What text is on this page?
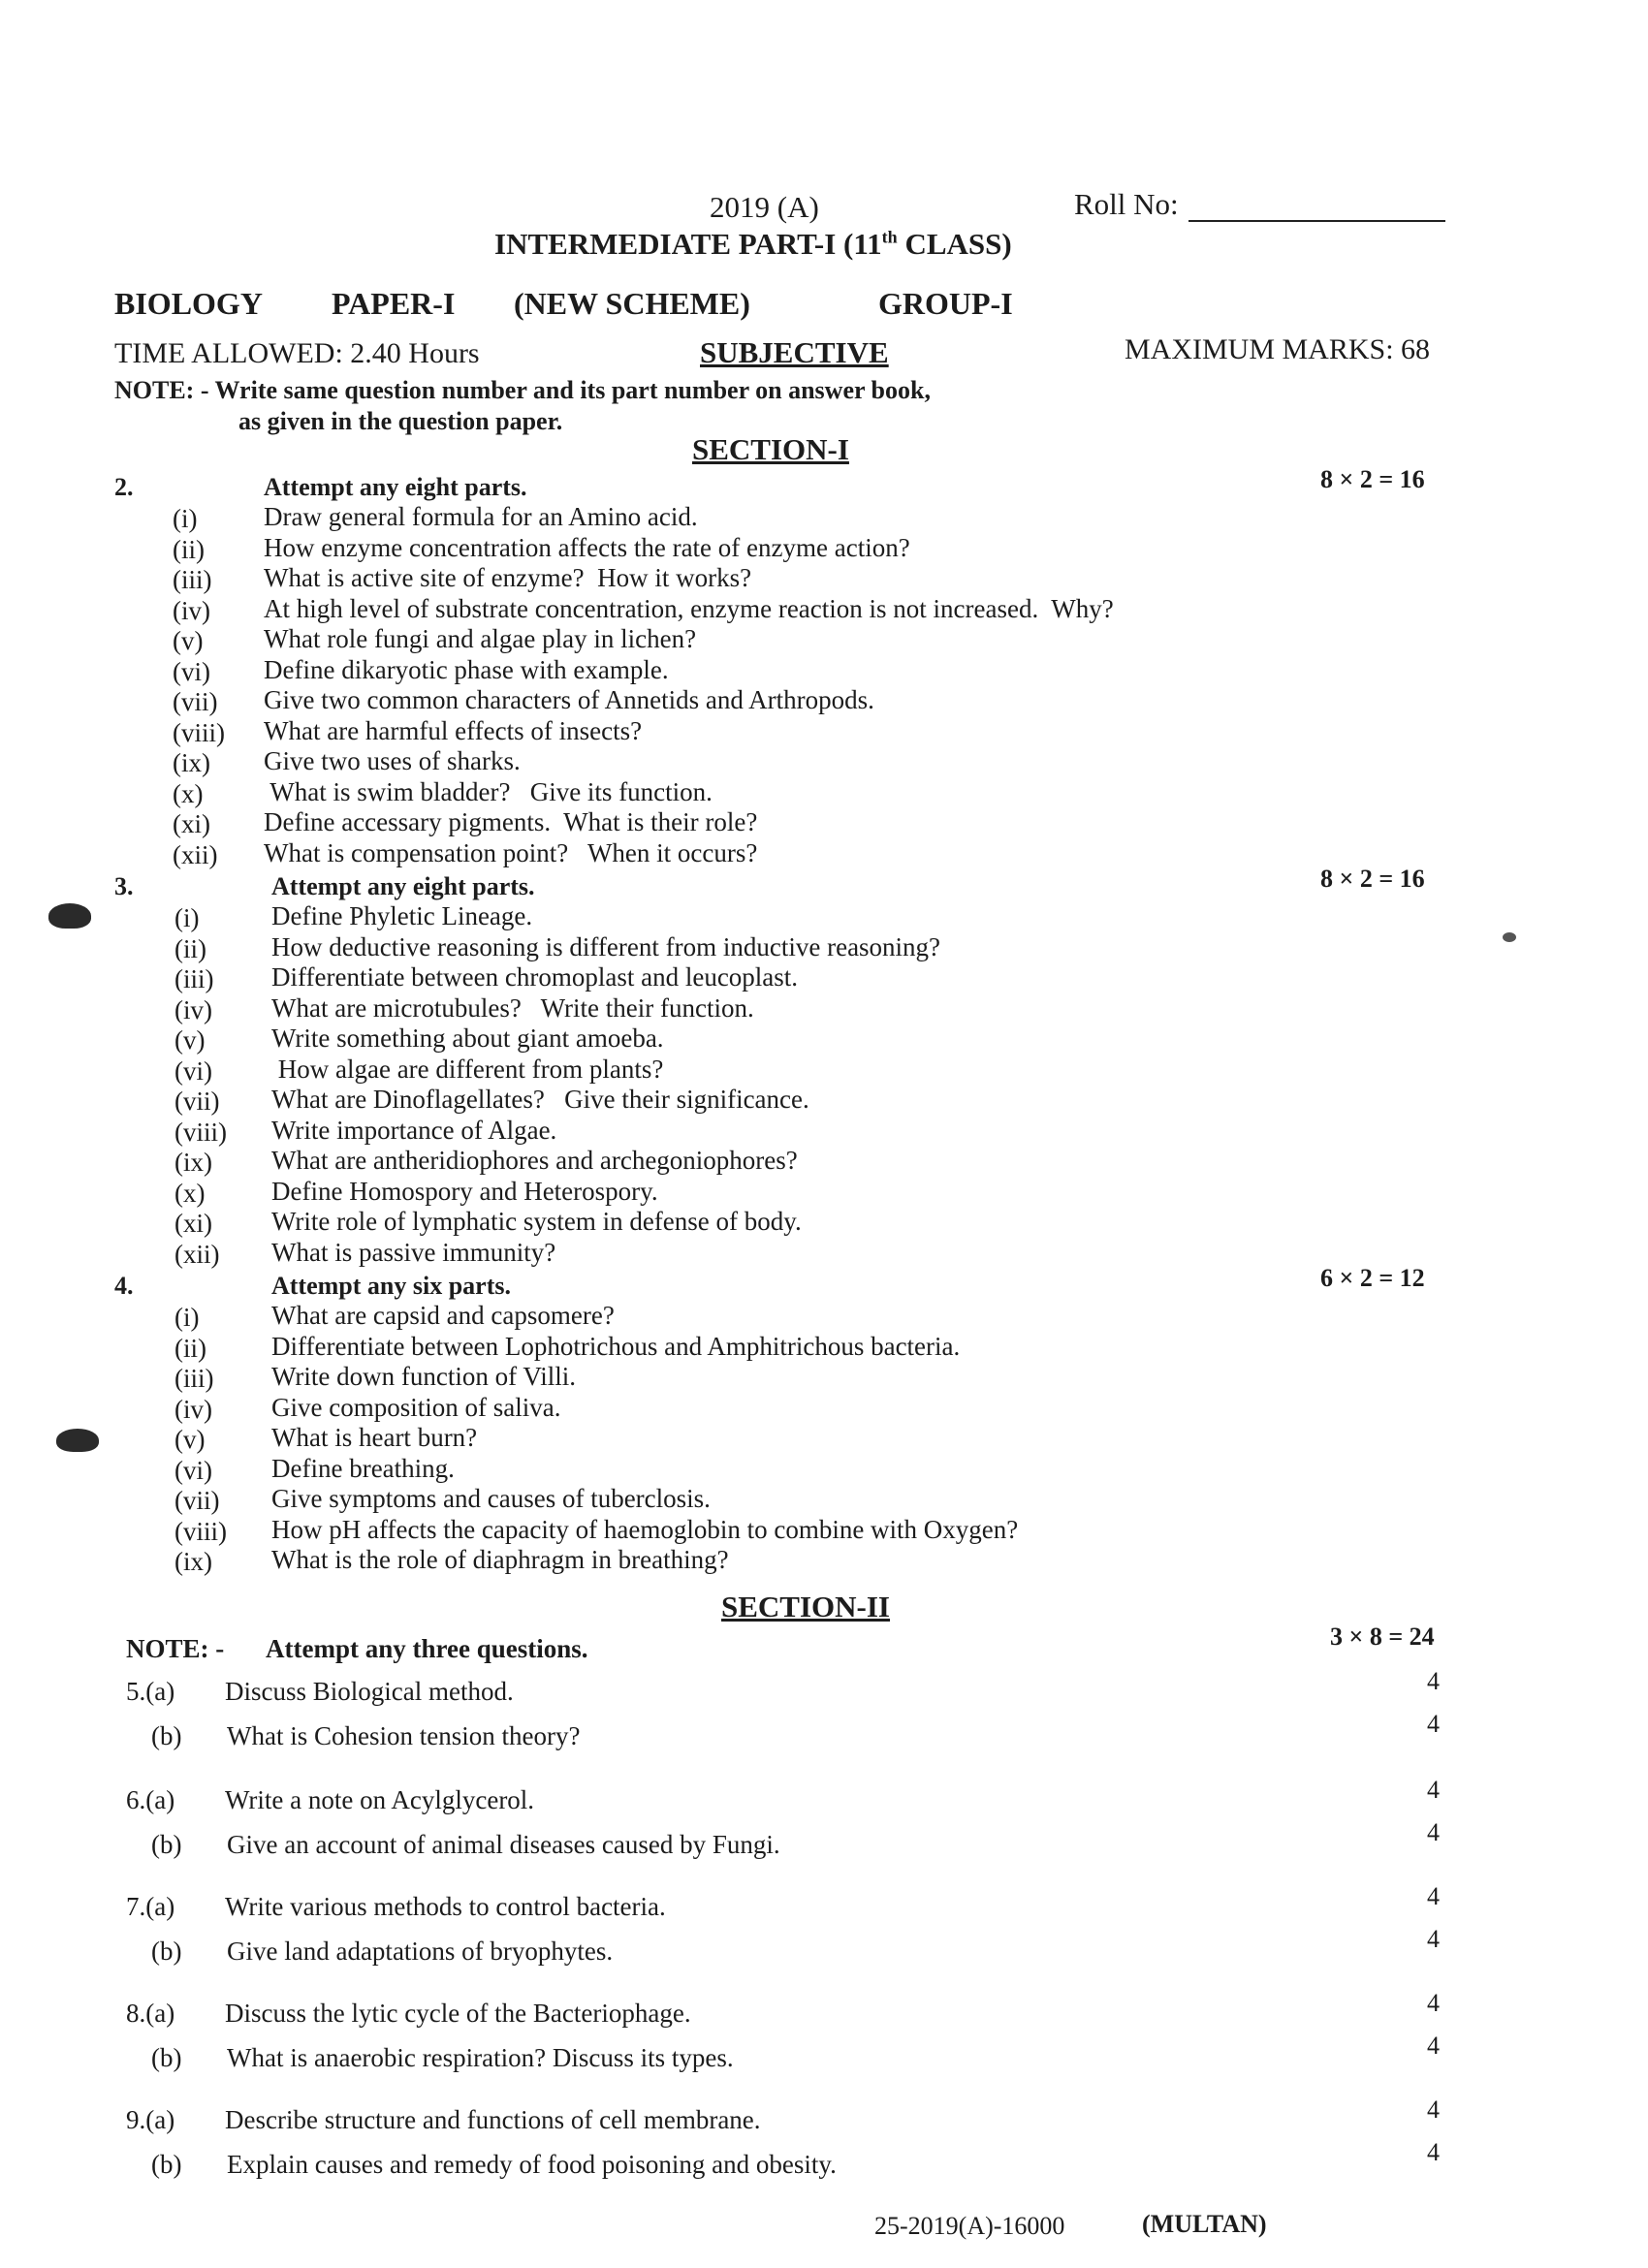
2019 (A)	Roll No:
INTERMEDIATE PART-I (11th CLASS)
BIOLOGY PAPER-I (NEW SCHEME)	GROUP-I
TIME ALLOWED: 2.40 Hours	SUBJECTIVE	MAXIMUM MARKS: 68
NOTE: - Write same question number and its part number on answer book,
as given in the question paper.
SECTION-I
2.	Attempt any eight parts.	8 × 2 = 16
(i)	Draw general formula for an Amino acid.
(ii) How enzyme concentration affects the rate of enzyme action?
(iii) What is active site of enzyme?  How it works?
(iv) At high level of substrate concentration, enzyme reaction is not increased.  Why?
(v) What role fungi and algae play in lichen?
(vi) Define dikaryotic phase with example.
(vii) Give two common characters of Annetids and Arthropods.
(viii) What are harmful effects of insects?
(ix) Give two uses of sharks.
(x) What is swim bladder?   Give its function.
(xi) Define accessary pigments.  What is their role?
(xii) What is compensation point?   When it occurs?
3.	Attempt any eight parts.	8 × 2 = 16
(i)	Define Phyletic Lineage.
(ii) How deductive reasoning is different from inductive reasoning?
(iii) Differentiate between chromoplast and leucoplast.
(iv) What are microtubules?   Write their function.
(v)	Write something about giant amoeba.
(vi) How algae are different from plants?
(vii) What are Dinoflagellates?   Give their significance.
(viii) Write importance of Algae.
(ix) What are antheridiophores and archegoniophores?
(x)	Define Homospory and Heterospory.
(xi) Write role of lymphatic system in defense of body.
(xii) What is passive immunity?
4.	Attempt any six parts.	6 × 2 = 12
(i)	What are capsid and capsomere?
(ii) Differentiate between Lophotrichous and Amphitrichous bacteria.
(iii) Write down function of Villi.
(iv) Give composition of saliva.
(v)	What is heart burn?
(vi) Define breathing.
(vii) Give symptoms and causes of tuberclosis.
(viii) How pH affects the capacity of haemoglobin to combine with Oxygen?
(ix) What is the role of diaphragm in breathing?
SECTION-II
NOTE: - Attempt any three questions.	3 × 8 = 24
5.(a) Discuss Biological method.	4
(b) What is Cohesion tension theory?	4
6.(a) Write a note on Acylglycerol.	4
(b) Give an account of animal diseases caused by Fungi.	4
7.(a) Write various methods to control bacteria.	4
(b) Give land adaptations of bryophytes.	4
8.(a) Discuss the lytic cycle of the Bacteriophage.	4
(b) What is anaerobic respiration? Discuss its types.	4
9.(a) Describe structure and functions of cell membrane.	4
(b) Explain causes and remedy of food poisoning and obesity.	4
25-2019(A)-16000	(MULTAN)
